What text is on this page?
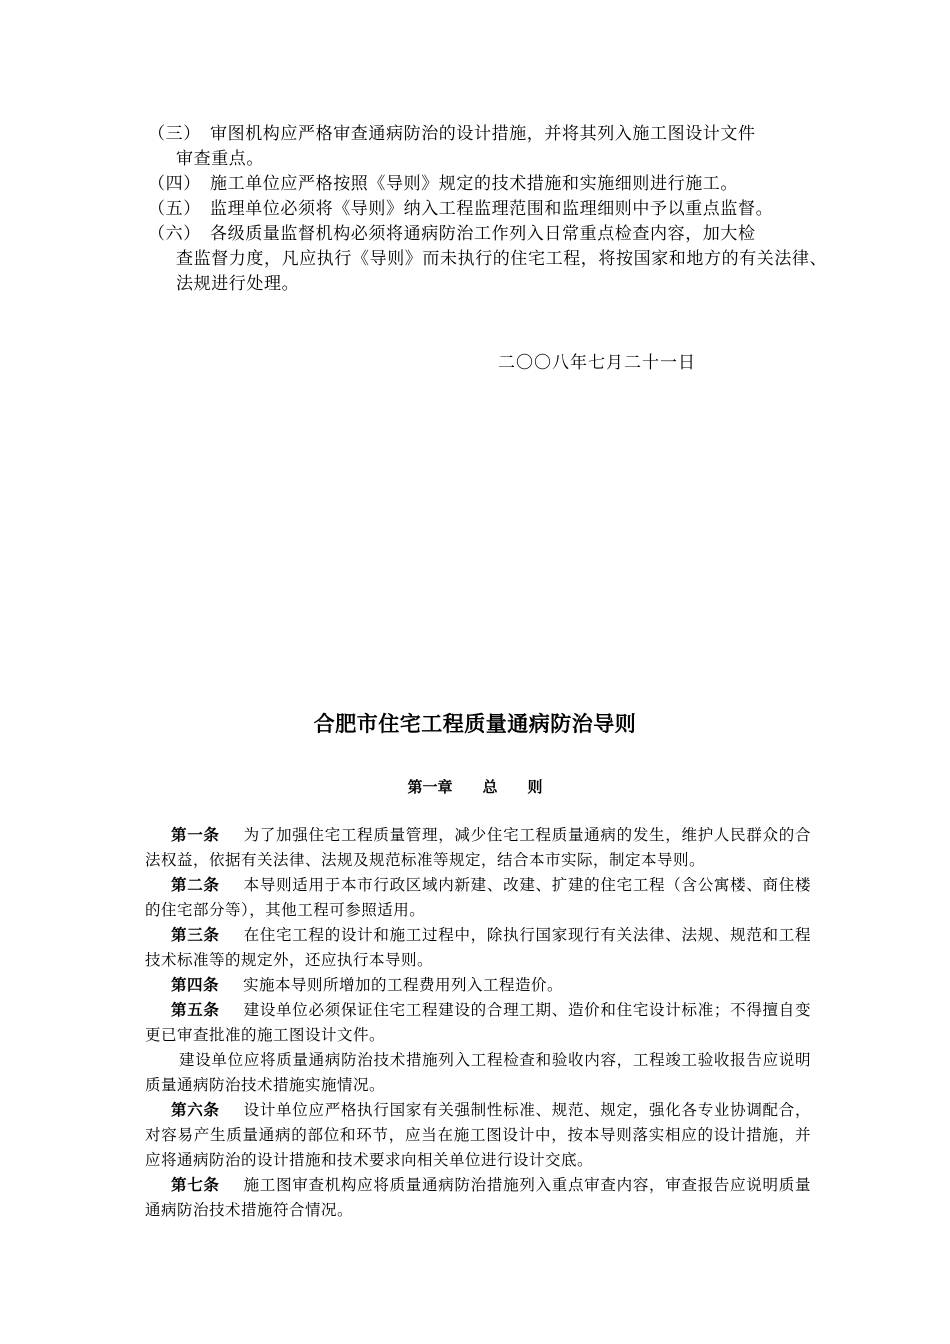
（三） 审图机构应严格审查通病防治的设计措施，并将其列入施工图设计文件
审查重点。
（四） 施工单位应严格按照《导则》规定的技术措施和实施细则进行施工。
（五） 监理单位必须将《导则》纳入工程监理范围和监理细则中予以重点监督。
（六） 各级质量监督机构必须将通病防治工作列入日常重点检查内容，加大检
查监督力度，凡应执行《导则》而未执行的住宅工程，将按国家和地方的有关法律、法规进行处理。
二〇〇八年七月二十一日
合肥市住宅工程质量通病防治导则
第一章 总 则

第一条 为了加强住宅工程质量管理，减少住宅工程质量通病的发生，维护人民群众的合法权益，依据有关法律、法规及规范标准等规定，结合本市实际，制定本导则。

第二条 本导则适用于本市行政区域内新建、改建、扩建的住宅工程（含公寓楼、商住楼的住宅部分等），其他工程可参照适用。

第三条 在住宅工程的设计和施工过程中，除执行国家现行有关法律、法规、规范和工程技术标准等的规定外，还应执行本导则。

第四条 实施本导则所增加的工程费用列入工程造价。

第五条 建设单位必须保证住宅工程建设的合理工期、造价和住宅设计标准；不得擅自变更已审查批准的施工图设计文件。

建设单位应将质量通病防治技术措施列入工程检查和验收内容，工程竣工验收报告应说明质量通病防治技术措施实施情况。

第六条 设计单位应严格执行国家有关强制性标准、规范、规定，强化各专业协调配合，对容易产生质量通病的部位和环节，应当在施工图设计中，按本导则落实相应的设计措施，并应将通病防治的设计措施和技术要求向相关单位进行设计交底。

第七条 施工图审查机构应将质量通病防治措施列入重点审查内容，审查报告应说明质量通病防治技术措施符合情况。
